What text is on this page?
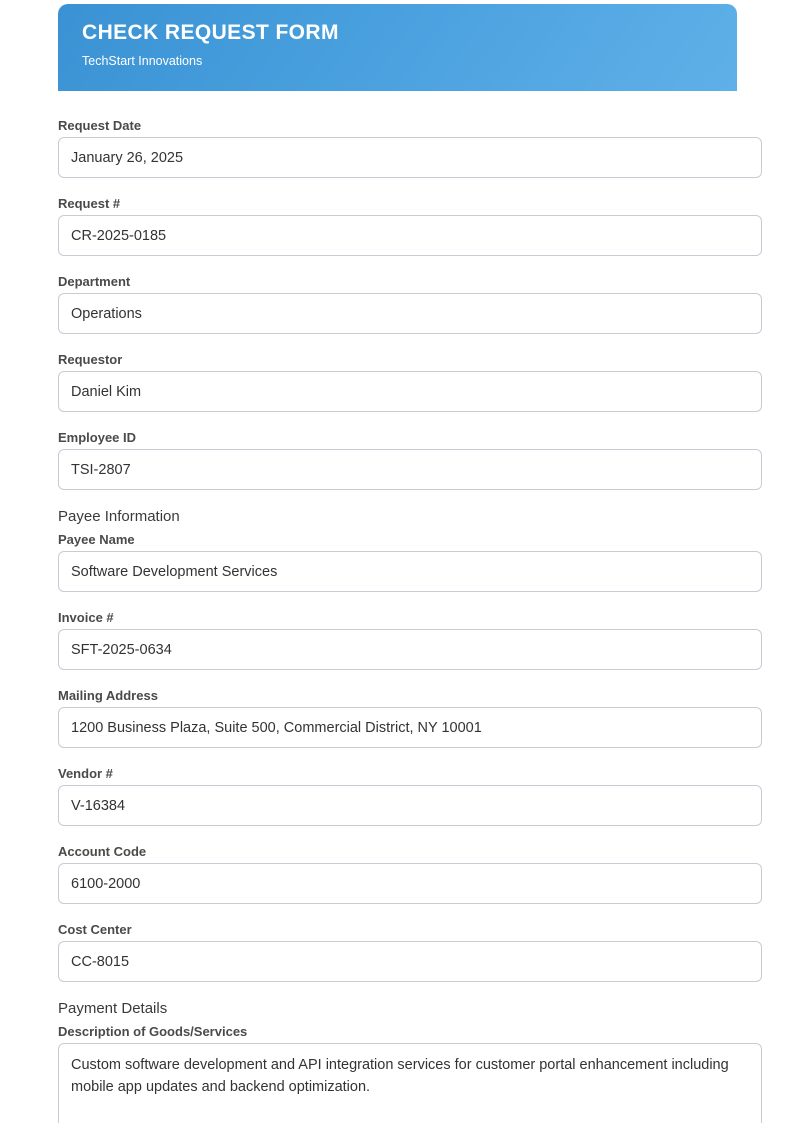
CHECK REQUEST FORM
TechStart Innovations
Request Date
January 26, 2025
Request #
CR-2025-0185
Department
Operations
Requestor
Daniel Kim
Employee ID
TSI-2807
Payee Information
Payee Name
Software Development Services
Invoice #
SFT-2025-0634
Mailing Address
1200 Business Plaza, Suite 500, Commercial District, NY 10001
Vendor #
V-16384
Account Code
6100-2000
Cost Center
CC-8015
Payment Details
Description of Goods/Services
Custom software development and API integration services for customer portal enhancement including mobile app updates and backend optimization.
